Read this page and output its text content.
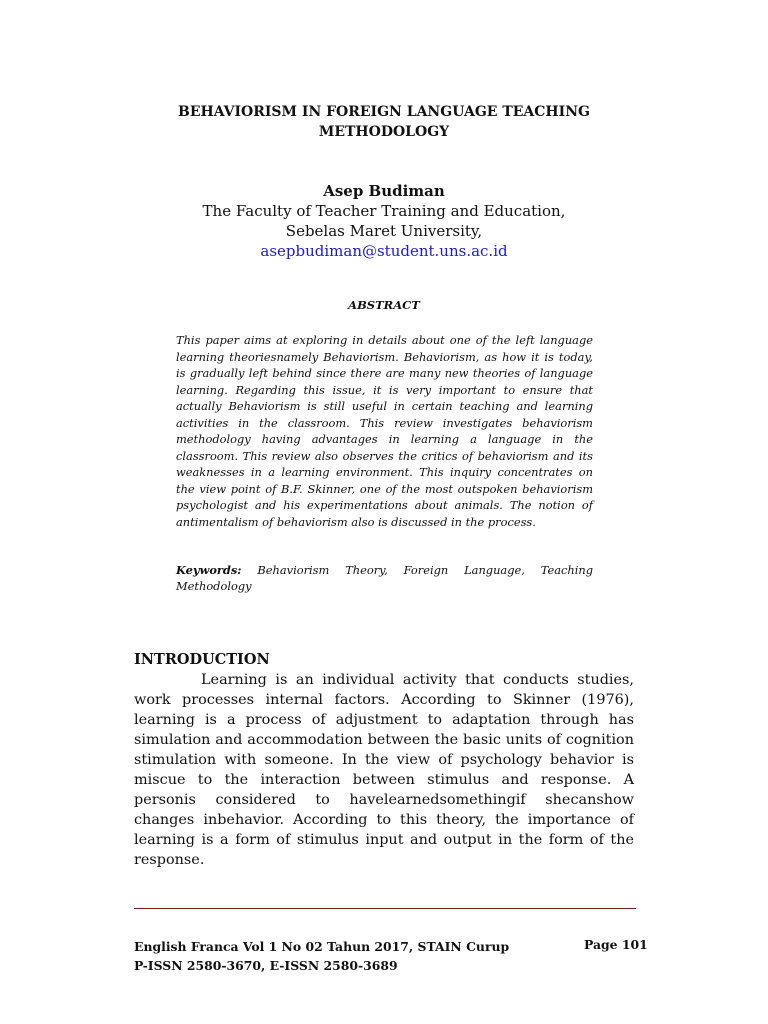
BEHAVIORISM IN FOREIGN LANGUAGE TEACHING
METHODOLOGY
Asep Budiman
The Faculty of Teacher Training and Education,
Sebelas Maret University,
asepbudiman@student.uns.ac.id
ABSTRACT
This paper aims at exploring in details about one of the left language learning theoriesnamely Behaviorism. Behaviorism, as how it is today, is gradually left behind since there are many new theories of language learning. Regarding this issue, it is very important to ensure that actually Behaviorism is still useful in certain teaching and learning activities in the classroom. This review investigates behaviorism methodology having advantages in learning a language in the classroom. This review also observes the critics of behaviorism and its weaknesses in a learning environment. This inquiry concentrates on the view point of B.F. Skinner, one of the most outspoken behaviorism psychologist and his experimentations about animals. The notion of antimentalism of behaviorism also is discussed in the process.
Keywords: Behaviorism Theory, Foreign Language, Teaching Methodology
INTRODUCTION
Learning is an individual activity that conducts studies, work processes internal factors. According to Skinner (1976), learning is a process of adjustment to adaptation through has simulation and accommodation between the basic units of cognition stimulation with someone. In the view of psychology behavior is miscue to the interaction between stimulus and response. A personis considered to havelearnedsomethingif shecanshow changes inbehavior. According to this theory, the importance of learning is a form of stimulus input and output in the form of the response.
English Franca Vol 1 No 02 Tahun 2017, STAIN Curup
P-ISSN 2580-3670, E-ISSN 2580-3689
Page 101
